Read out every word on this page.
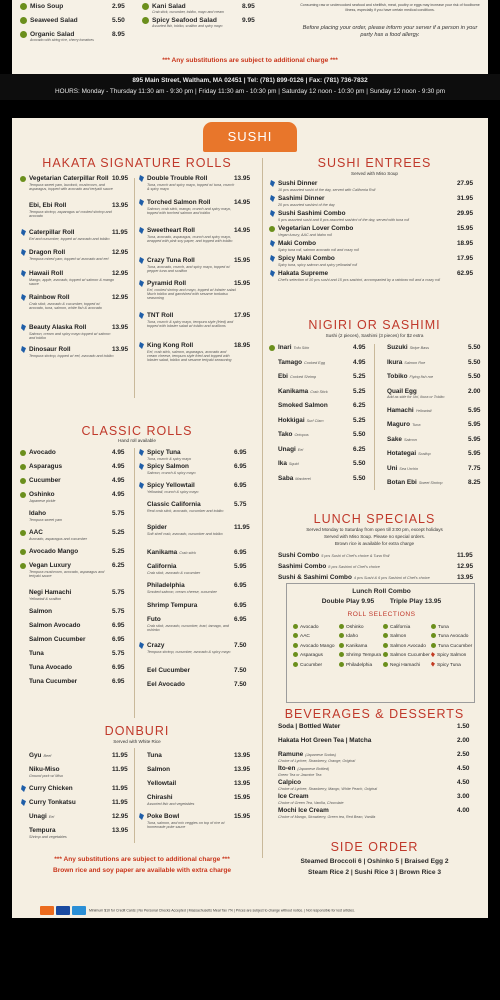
Miso Soup	2.95
Seaweed Salad	5.50
Organic Salad	8.95
Avocado with string rice, cherry tomatoes
Kani Salad	8.95
Crab stick, cucumber, tobiko, mayo and cream
Spicy Seafood Salad	9.95
Assorted fish, tobiko, scallion and spicy mayo
Consuming raw or undercooked seafood and shellfish, meat, poultry or eggs may increase your risk of foodborne illness, especially if you have certain medical conditions.
Before placing your order, please inform your server if a person in your party has a food allergy.
*** Any substitutions are subject to additional charge ***
895 Main Street, Waltham, MA 02451 | Tel: (781) 899-0126 | Fax: (781) 736-7832
HOURS: Monday - Thursday 11:30 am - 9:30 pm | Friday 11:30 am - 10:30 pm | Saturday 12 noon - 10:30 pm | Sunday 12 noon - 9:30 pm
SUSHI
HAKATA SIGNATURE ROLLS
CLASSIC ROLLS
Hand roll available
DONBURI
Served with White Rice
*** Any substitutions are subject to additional charge ***
Brown rice and soy paper are available with extra charge
SUSHI ENTREES
Served with Miso Soup
NIGIRI OR SASHIMI
Sushi (2 pieces), Sashimi (3 pieces) for $2 extra
LUNCH SPECIALS
Served Monday to Saturday from open till 3:00 pm, except holidays
Served with Miso Soup. Please no special orders.
Brown rice is available for extra charge
Lunch Roll Combo
Double Play 9.95 Triple Play 13.95
ROLL SELECTIONS
Avocado
AAC
Avocado Mango
Asparagus
Cucumber
Oshinko
Idaho
Kanikama
Shrimp Tempura
Philadelphia
California
Salmon
Salmon Avocado
Salmon Cucumber
Negi Hamachi
Tuna
Tuna Avocado
Tuna Cucumber
Spicy Salmon
Spicy Tuna
BEVERAGES & DESSERTS
SIDE ORDER
Steamed Broccoli 6 | Oshinko 5 | Braised Egg 2
Steam Rice 2 | Sushi Rice 3 | Brown Rice 3
Minimum $10 for Credit Cards | No Personal Checks Accepted | Massachusetts Meal Tax 7% | Prices are subject to change without notice. | Not responsible for lost articles.
Vegetarian Caterpillar Roll 10.95
Tempura sweet yam, burdock, mushroom, and asparagus, topped with avocado and teriyaki sauce
Ebi, Ebi Roll	13.95
Tempura shrimp, asparagus w/ cooked shrimp and avocado
Caterpillar Roll	11.95
Eel and cucumber, topped w/ avocado and tobiko
Dragon Roll	12.95
Tempura mixed yam, topped w/ avocado and eel
Hawaii Roll	12.95
Mango, apple, avocado, topped w/ salmon & mango sauce
Rainbow Roll	12.95
Crab stick, avocado & cucumber, topped w/ avocado, tuna, salmon, white fish & avocado
Beauty Alaska Roll	13.95
Salmon, cream and spicy mayo topped w/ salmon and tobiko
Dinosaur Roll	13.95
Tempura shrimp, topped w/ eel, avocado and tobiko
Double Trouble Roll	13.95
Tuna, crunch and spicy mayo, topped w/ tuna, crunch & spicy mayo
Torched Salmon Roll	14.95
Salmon, crab stick, mango, crunch and spicy mayo, topped with torched salmon and tobiko
Sweetheart Roll	14.95
Tuna, avocado, asparagus, crunch and spicy mayo, wrapped with pink soy paper, and topped with tobiko
Crazy Tuna Roll	15.95
Tuna, avocado, crunch, and spicy mayo, topped w/ pepper tuna and scallion
Pyramid Roll	15.95
Eel, cooked shrimp and mayo, topped w/ lobster salad. Much tobiko and garnished with sesame tonkatsu seasoning
TNT Roll	17.95
Tuna, crunch & spicy mayo, tempura style (fried) and topped with lobster salad w/ tobiko and scallions
King Kong Roll	18.95
Eel, crab stick, salmon, asparagus, avocado and cream cheese, tempura style fried and topped with lobster salad, tobiko and sesame teriyaki seasoning
Avocado	4.95
Asparagus	4.95
Cucumber	4.95
Oshinko	4.95
Japanese pickle
Idaho	5.75
Tempura sweet yam
AAC	5.25
Avocado, asparagus and cucumber
Avocado Mango	5.25
Vegan Luxury	6.25
Tempura mushroom, avocado, asparagus and teriyaki sauce
Negi Hamachi	5.75
Yellowtail & scallion
Salmon	5.75
Salmon Avocado	6.95
Salmon Cucumber	6.95
Tuna	5.75
Tuna Avocado	6.95
Tuna Cucumber	6.95
Spicy Tuna	6.95
Tuna, crunch & spicy mayo
Spicy Salmon	6.95
Salmon, crunch & spicy mayo
Spicy Yellowtail	6.95
Yellowtail, crunch & spicy mayo
Classic California	5.75
Real crab stick, avocado, cucumber and tobiko
Spider	11.95
Soft shell crab, avocado, cucumber and tobiko
Kanikama Crab stick	6.95
California	5.95
Crab stick, avocado & cucumber
Philadelphia	6.95
Smoked salmon, cream cheese, cucumber
Shrimp Tempura	6.95
Futo	6.95
Crab stick, avocado, cucumber, inari, tamago, and oshinko
Crazy	7.50
Tempura shrimp, cucumber, avocado & spicy mayo
Eel Cucumber	7.50
Eel Avocado	7.50
Gyu Beef	11.95
Niku-Miso	11.95
Ground pork w/ Miso
Curry Chicken	11.95
Curry Tonkatsu	11.95
Unagi Eel	12.95
Tempura	13.95
Shrimp and vegetables
Tuna	13.95
Salmon	13.95
Yellowtail	13.95
Chirashi	15.95
Assorted fish and vegetables
Poke Bowl	15.95
Tuna, salmon, and mix veggies on top of rice w/ homemade poke sauce
Sushi Dinner	27.95
10 pcs assorted sushi of the day, served with California Roll
Sashimi Dinner	31.95
20 pcs assorted sashimi of the day
Sushi Sashimi Combo	29.95
5 pcs assorted sushi and 8 pcs assorted sashimi of the day, served with tuna roll
Vegetarian Lover Combo	15.95
Vegan luxury, AAC and Idaho roll
Maki Combo	18.95
Spicy tuna roll, salmon avocado roll and crazy roll
Spicy Maki Combo	17.95
Spicy tuna, spicy salmon and spicy yellowtail roll
Hakata Supreme	62.95
Chef's selection of 10 pcs sushi and 15 pcs sashimi, accompanied by a rainbow roll and a crazy roll
Inari Tofu Skin	4.95
Tamago Cooked Egg	4.95
Ebi Cooked Shrimp	5.25
Kanikama Crab Stick	5.25
Smoked Salmon	6.25
Hokkigai Surf Clam	5.25
Tako Octopus	5.50
Unagi Eel	6.25
Ika Squid	5.50
Saba Mackerel	5.50
Suzuki Stripe Bass	5.50
Ikura Salmon Roe	5.50
Tobiko Flying fish roe	5.50
Quail Egg	2.00
Add as side for Uni, Ikura or Tobiko
Hamachi Yellowtail	5.95
Maguro Tuna	5.95
Sake Salmon	5.95
Hotategai Scallop	5.95
Uni Sea Urchin	7.75
Botan Ebi Sweet Shrimp	8.25
Sushi Combo 5 pcs Sushi of Chef's choice & Tuna Roll	11.95
Sashimi Combo 8 pcs Sashimi of Chef's choice	12.95
Sushi & Sashimi Combo 4 pcs Sushi & 6 pcs Sashimi of Chef's choice	13.95
Soda | Bottled Water	1.50
Hakata Hot Green Tea | Matcha	2.00
Ramune (Japanese Sodas)	2.50
Choice of Lychee, Strawberry, Orange, Original
Ito-en (Japanese Bottled)	4.50
Green Tea or Jasmine Tea
Calpico	4.50
Choice of Lychee, Strawberry, Mango, White Peach, Original
Ice Cream	3.00
Choice of Green Tea, Vanilla, Chocolate
Mochi Ice Cream	4.00
Choice of Mango, Strawberry, Green tea, Red Bean, Vanilla
